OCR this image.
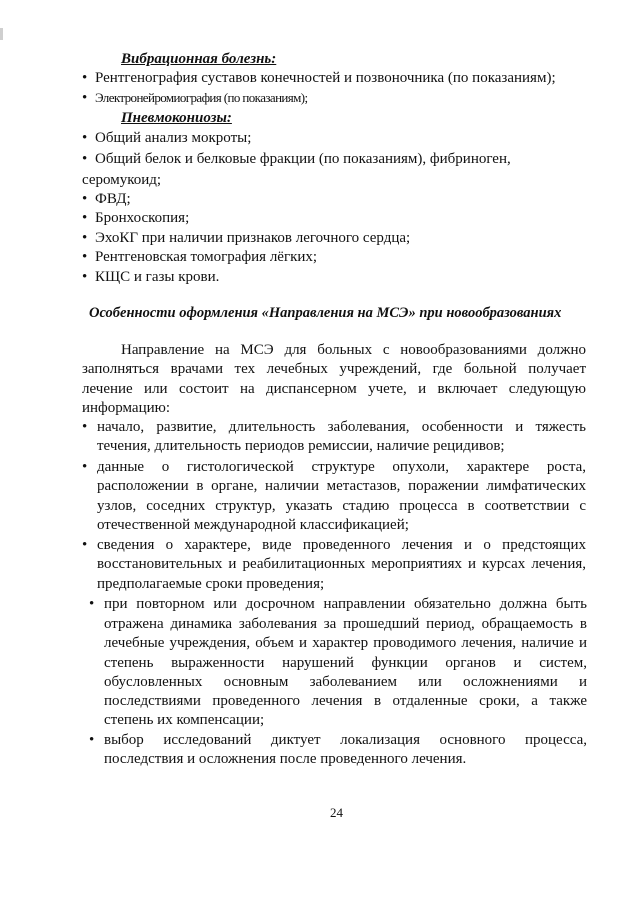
Вибрационная болезнь:
• Рентгенография суставов конечностей и позвоночника (по показаниям);
• Электронейромиография (по показаниям);
Пневмокониозы:
• Общий анализ мокроты;
• Общий белок и белковые фракции (по показаниям), фибриноген,
серомукоид;
• ФВД;
• Бронхоскопия;
• ЭхоКГ при наличии признаков легочного сердца;
• Рентгеновская томография лёгких;
• КЩС и газы крови.
Особенности оформления «Направления на МСЭ» при новообразованиях
Направление на МСЭ для больных с новообразованиями должно
заполняться врачами тех лечебных учреждений, где больной получает
лечение или состоит на диспансерном учете, и включает следующую
информацию:
• начало, развитие, длительность заболевания, особенности и тяжесть
течения, длительность периодов ремиссии, наличие рецидивов;
• данные о гистологической структуре опухоли, характере роста,
расположении в органе, наличии метастазов, поражении лимфатических
узлов, соседних структур, указать стадию процесса в соответствии с
отечественной международной классификацией;
• сведения о характере, виде проведенного лечения и о предстоящих
восстановительных и реабилитационных мероприятиях и курсах лечения,
предполагаемые сроки проведения;
• при повторном или досрочном направлении обязательно должна быть
отражена динамика заболевания за прошедший период, обращаемость в
лечебные учреждения, объем и характер проводимого лечения, наличие и
степень выраженности нарушений функции органов и систем,
обусловленных основным заболеванием или осложнениями и
последствиями проведенного лечения в отдаленные сроки, а также
степень их компенсации;
• выбор исследований диктует локализация основного процесса,
последствия и осложнения после проведенного лечения.
24
